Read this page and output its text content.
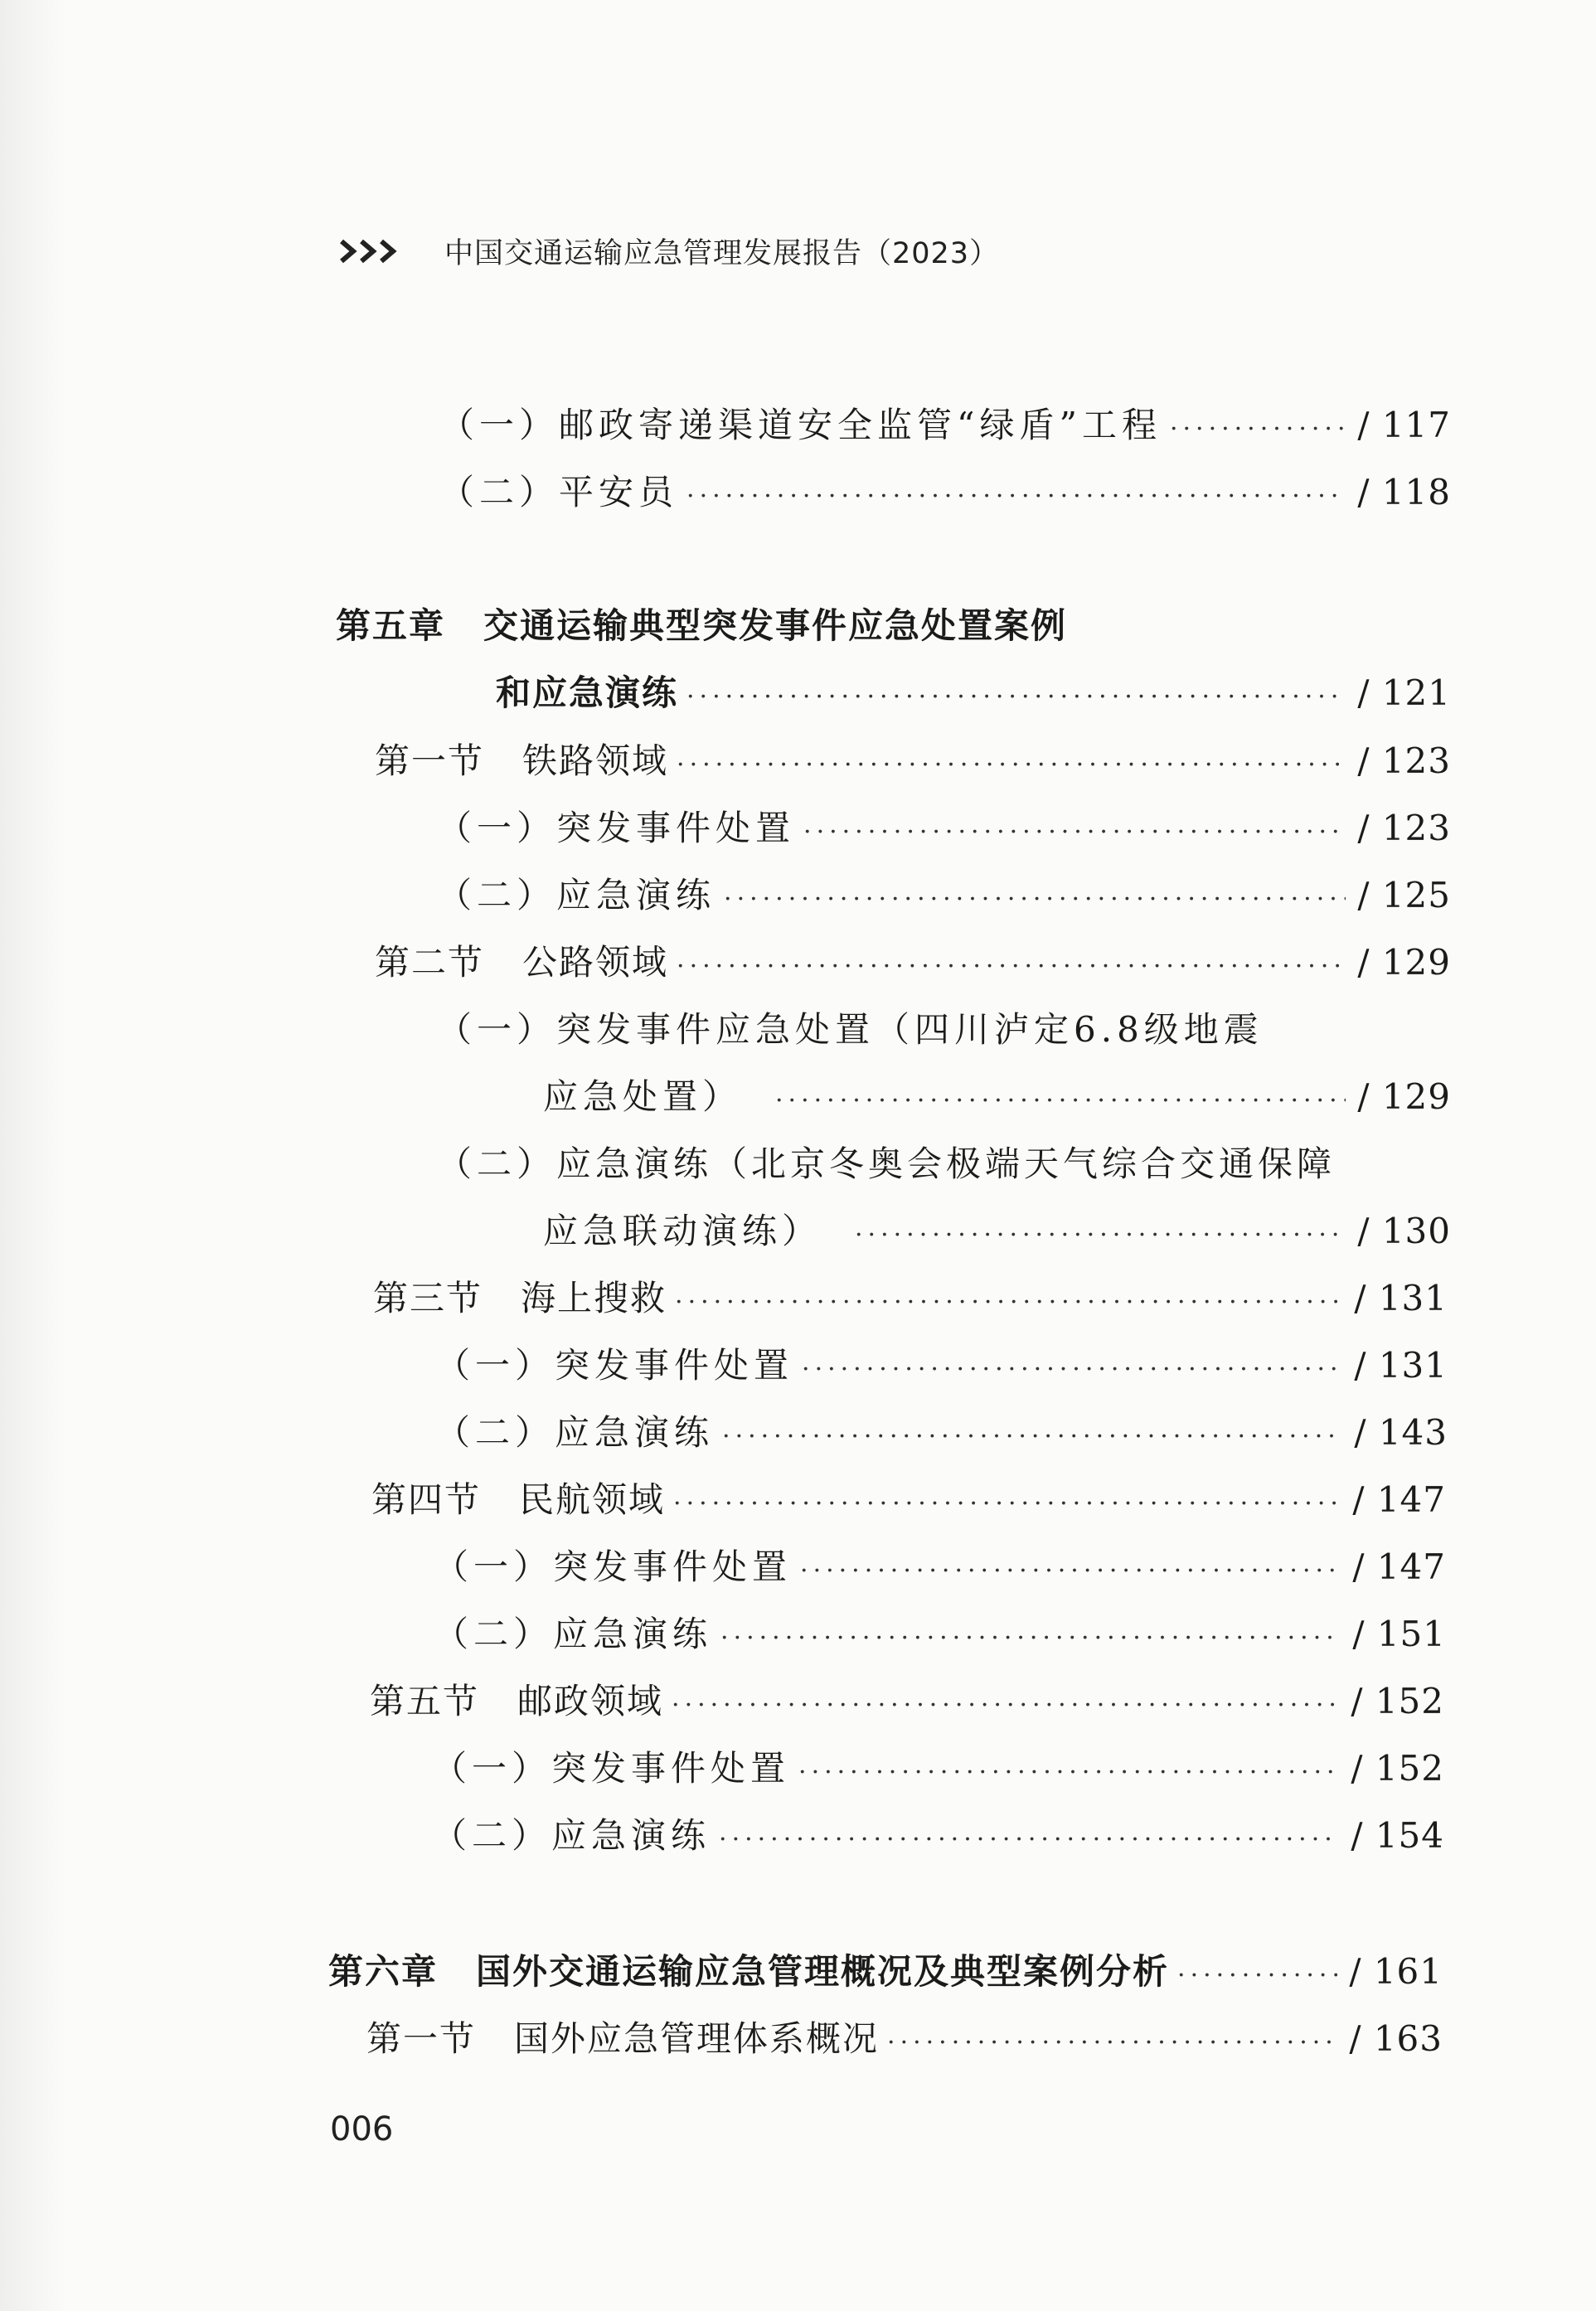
中国交通运输应急管理发展报告（2023）
（一） 邮政寄递渠道安全监管“绿盾”工程 ·····	/ 117
（二） 平安员 ·····	/ 118
第五章 交通运输典型突发事件应急处置案例
和应急演练 ·····	/ 121
第一节 铁路领域 ·····	/ 123
（一） 突发事件处置 ·····	/ 123
（二） 应急演练 ·····	/ 125
第二节 公路领域 ·····	/ 129
（一） 突发事件应急处置（四川泸定6.8级地震
应急处置） ·····	/ 129
（二） 应急演练（北京冬奥会极端天气综合交通保障
应急联动演练） ·····	/ 130
第三节 海上搜救 ·····	/ 131
（一） 突发事件处置 ·····	/ 131
（二） 应急演练 ·····	/ 143
第四节 民航领域 ·····	/ 147
（一） 突发事件处置 ·····	/ 147
（二） 应急演练 ·····	/ 151
第五节 邮政领域 ·····	/ 152
（一） 突发事件处置 ·····	/ 152
（二） 应急演练 ·····	/ 154
第六章 国外交通运输应急管理概况及典型案例分析 ·····	/ 161
第一节 国外应急管理体系概况 ·····	/ 163
006
